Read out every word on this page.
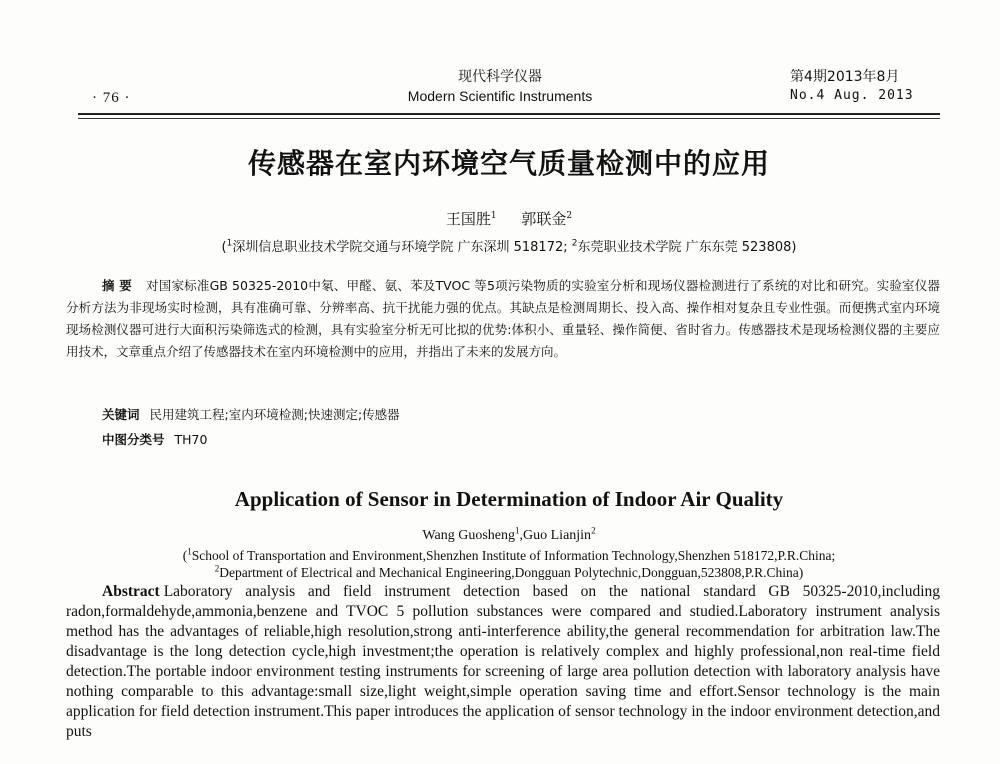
· 76 ·
现代科学仪器
Modern Scientific Instruments
第4期2013年8月
No.4 Aug. 2013
传感器在室内环境空气质量检测中的应用
王国胜$^1$ 郭联金$^2$
($^1$深圳信息职业技术学院交通与环境学院 广东深圳 518172; $^2$东莞职业技术学院 广东东莞 523808)
摘 要 对国家标准GB 50325-2010中氡、甲醛、氨、苯及TVOC 等5项污染物质的实验室分析和现场仪器检测进行了系统的对比和研究。实验室仪器分析方法为非现场实时检测，具有准确可靠、分辨率高、抗干扰能力强的优点。其缺点是检测周期长、投入高、操作相对复杂且专业性强。而便携式室内环境现场检测仪器可进行大面积污染筛选式的检测，具有实验室分析无可比拟的优势:体积小、重量轻、操作简便、省时省力。传感器技术是现场检测仪器的主要应用技术，文章重点介绍了传感器技术在室内环境检测中的应用，并指出了未来的发展方向。
关键词 民用建筑工程;室内环境检测;快速测定;传感器
中图分类号 TH70
Application of Sensor in Determination of Indoor Air Quality
Wang Guosheng$^1$,Guo Lianjin$^2$
($^1$School of Transportation and Environment,Shenzhen Institute of Information Technology,Shenzhen 518172,P.R.China;
$^2$Department of Electrical and Mechanical Engineering,Dongguan Polytechnic,Dongguan,523808,P.R.China)
Abstract Laboratory analysis and field instrument detection based on the national standard GB 50325-2010,including radon,formaldehyde,ammonia,benzene and TVOC 5 pollution substances were compared and studied.Laboratory instrument analysis method has the advantages of reliable,high resolution,strong anti-interference ability,the general recommendation for arbitration law.The disadvantage is the long detection cycle,high investment;the operation is relatively complex and highly professional,non real-time field detection.The portable indoor environment testing instruments for screening of large area pollution detection with laboratory analysis have nothing comparable to this advantage:small size,light weight,simple operation saving time and effort.Sensor technology is the main application for field detection instrument.This paper introduces the application of sensor technology in the indoor environment detection,and puts
